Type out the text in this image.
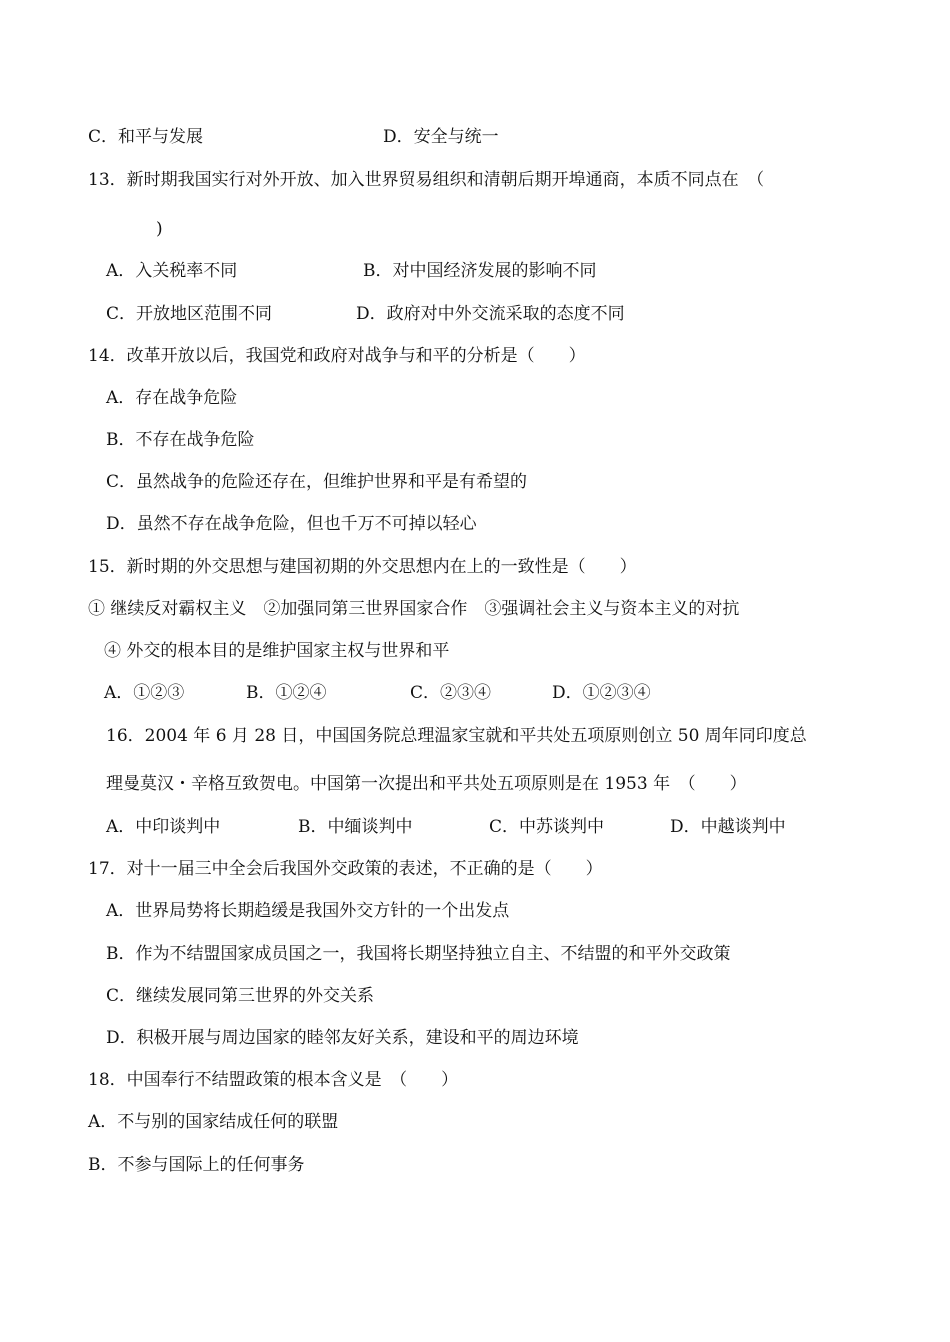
C．和平与发展	D．安全与统一
13．新时期我国实行对外开放、加入世界贸易组织和清朝后期开埠通商，本质不同点在　（
)
A．入关税率不同	B．对中国经济发展的影响不同
C．开放地区范围不同	D．政府对中外交流采取的态度不同
14．改革开放以后，我国党和政府对战争与和平的分析是（　　）
A．存在战争危险
B．不存在战争危险
C．虽然战争的危险还存在，但维护世界和平是有希望的
D．虽然不存在战争危险，但也千万不可掉以轻心
15．新时期的外交思想与建国初期的外交思想内在上的一致性是（　　）
① 继续反对霸权主义　②加强同第三世界国家合作　③强调社会主义与资本主义的对抗
④ 外交的根本目的是维护国家主权与世界和平
A．①②③	B．①②④	C．②③④	D．①②③④
16．2004 年 6 月 28 日，中国国务院总理温家宝就和平共处五项原则创立 50 周年同印度总
理曼莫汉・辛格互致贺电。中国第一次提出和平共处五项原则是在 1953 年　（　　）
A．中印谈判中	B．中缅谈判中	C．中苏谈判中	D．中越谈判中
17．对十一届三中全会后我国外交政策的表述，不正确的是（　　）
A．世界局势将长期趋缓是我国外交方针的一个出发点
B．作为不结盟国家成员国之一，我国将长期坚持独立自主、不结盟的和平外交政策
C．继续发展同第三世界的外交关系
D．积极开展与周边国家的睦邻友好关系，建设和平的周边环境
18．中国奉行不结盟政策的根本含义是　（　　）
A．不与别的国家结成任何的联盟
B．不参与国际上的任何事务
